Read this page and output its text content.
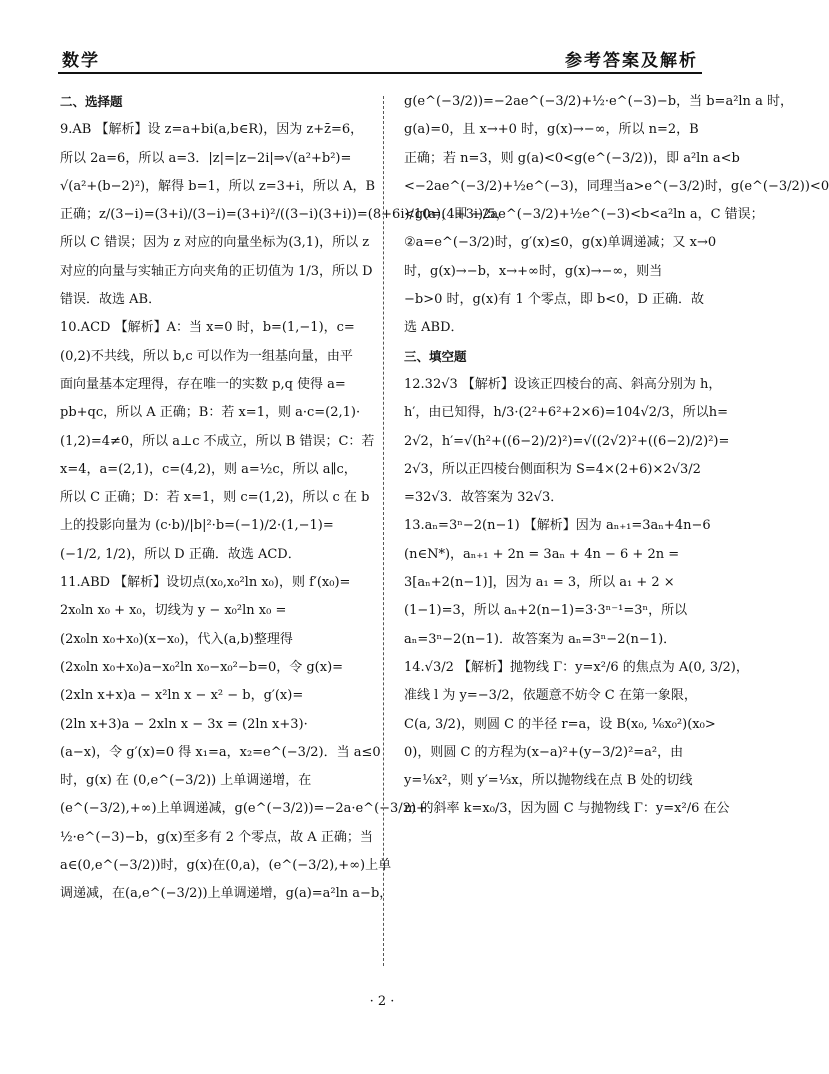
数学	参考答案及解析
二、选择题
9.AB 【解析】设 z=a+bi(a,b∈R)，因为 z+z̄=6，
所以 2a=6，所以 a=3．|z|=|z−2i|⇒√(a²+b²)=
√(a²+(b−2)²)，解得 b=1，所以 z=3+i，所以 A，B
正确；z/(3−i)=(3+i)/(3−i)=(3+i)²/((3−i)(3+i))=(8+6i)/10=(4+3i)/5，
所以 C 错误；因为 z 对应的向量坐标为(3,1)，所以 z
对应的向量与实轴正方向夹角的正切值为 1/3，所以 D
错误．故选 AB．
10.ACD 【解析】A：当 x=0 时，b=(1,−1)，c=
(0,2)不共线，所以 b,c 可以作为一组基向量，由平
面向量基本定理得，存在唯一的实数 p,q 使得 a=
pb+qc，所以 A 正确；B：若 x=1，则 a·c=(2,1)·
(1,2)=4≠0，所以 a⊥c 不成立，所以 B 错误；C：若
x=4，a=(2,1)，c=(4,2)，则 a=½c，所以 a∥c，
所以 C 正确；D：若 x=1，则 c=(1,2)，所以 c 在 b
上的投影向量为 (c·b)/|b|²·b=(−1)/2·(1,−1)=
(−1/2, 1/2)，所以 D 正确．故选 ACD．
11.ABD 【解析】设切点(x₀,x₀²ln x₀)，则 f′(x₀)=
2x₀ln x₀ + x₀，切线为 y − x₀²ln x₀ =
(2x₀ln x₀+x₀)(x−x₀)，代入(a,b)整理得
(2x₀ln x₀+x₀)a−x₀²ln x₀−x₀²−b=0，令 g(x)=
(2xln x+x)a − x²ln x − x² − b，g′(x)=
(2ln x+3)a − 2xln x − 3x = (2ln x+3)·
(a−x)，令 g′(x)=0 得 x₁=a，x₂=e^(−3/2)．当 a≤0
时，g(x) 在 (0,e^(−3/2)) 上单调递增，在
(e^(−3/2),+∞)上单调递减，g(e^(−3/2))=−2a·e^(−3/2)+
½·e^(−3)−b，g(x)至多有 2 个零点，故 A 正确；当
a∈(0,e^(−3/2))时，g(x)在(0,a)，(e^(−3/2),+∞)上单
调递减，在(a,e^(−3/2))上单调递增，g(a)=a²ln a−b，
g(e^(−3/2))=−2ae^(−3/2)+½·e^(−3)−b，当 b=a²ln a 时，
g(a)=0，且 x→+0 时，g(x)→−∞，所以 n=2，B
正确；若 n=3，则 g(a)<0<g(e^(−3/2))，即 a²ln a<b
<−2ae^(−3/2)+½e^(−3)，同理当a>e^(−3/2)时，g(e^(−3/2))<0
<g(a)，即 −2ae^(−3/2)+½e^(−3)<b<a²ln a，C 错误；
②a=e^(−3/2)时，g′(x)≤0，g(x)单调递减；又 x→0
时，g(x)→−b，x→+∞时，g(x)→−∞，则当
−b>0 时，g(x)有 1 个零点，即 b<0，D 正确．故
选 ABD．
三、填空题
12.32√3 【解析】设该正四棱台的高、斜高分别为 h，
h′，由已知得，h/3·(2²+6²+2×6)=104√2/3，所以h=
2√2，h′=√(h²+((6−2)/2)²)=√((2√2)²+((6−2)/2)²)=
2√3，所以正四棱台侧面积为 S=4×(2+6)×2√3/2
=32√3．故答案为 32√3．
13.aₙ=3ⁿ−2(n−1) 【解析】因为 aₙ₊₁=3aₙ+4n−6
(n∈N*)，aₙ₊₁ + 2n = 3aₙ + 4n − 6 + 2n =
3[aₙ+2(n−1)]，因为 a₁ = 3，所以 a₁ + 2 ×
(1−1)=3，所以 aₙ+2(n−1)=3·3ⁿ⁻¹=3ⁿ，所以
aₙ=3ⁿ−2(n−1)．故答案为 aₙ=3ⁿ−2(n−1)．
14.√3/2 【解析】抛物线 Γ：y=x²/6 的焦点为 A(0, 3/2)，
准线 l 为 y=−3/2，依题意不妨令 C 在第一象限，
C(a, 3/2)，则圆 C 的半径 r=a，设 B(x₀, ⅙x₀²)(x₀>
0)，则圆 C 的方程为(x−a)²+(y−3/2)²=a²，由
y=⅙x²，则 y′=⅓x，所以抛物线在点 B 处的切线
m 的斜率 k=x₀/3，因为圆 C 与抛物线 Γ：y=x²/6 在公
· 2 ·
